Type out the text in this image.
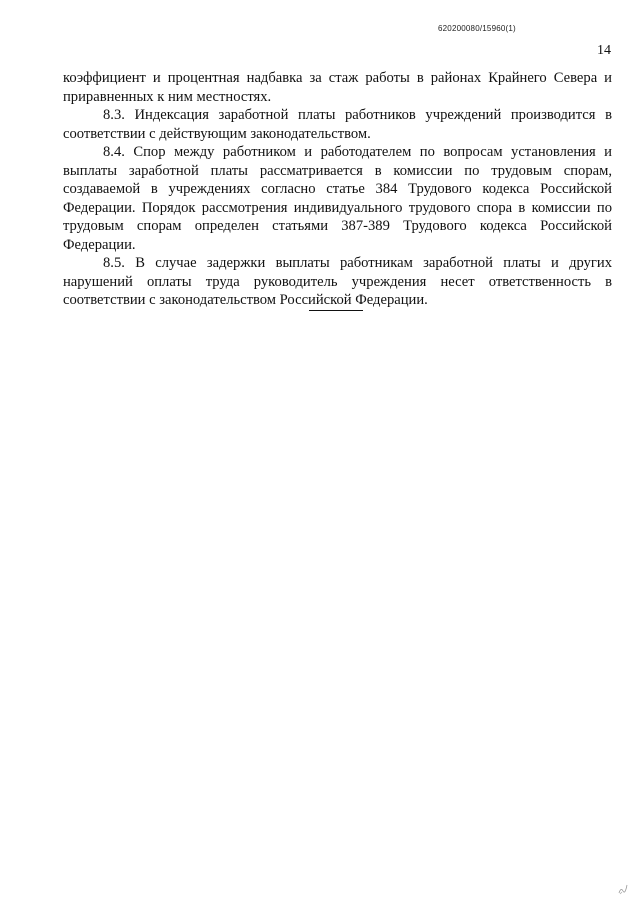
620200080/15960(1)
14

коэффициент и процентная надбавка за стаж работы в районах Крайнего Севера и приравненных к ним местностях.

8.3. Индексация заработной платы работников учреждений производится в соответствии с действующим законодательством.

8.4. Спор между работником и работодателем по вопросам установления и выплаты заработной платы рассматривается в комиссии по трудовым спорам, создаваемой в учреждениях согласно статье 384 Трудового кодекса Российской Федерации. Порядок рассмотрения индивидуального трудового спора в комиссии по трудовым спорам определен статьями 387-389 Трудового кодекса Российской Федерации.

8.5. В случае задержки выплаты работникам заработной платы и других нарушений оплаты труда руководитель учреждения несет ответственность в соответствии с законодательством Российской Федерации.
